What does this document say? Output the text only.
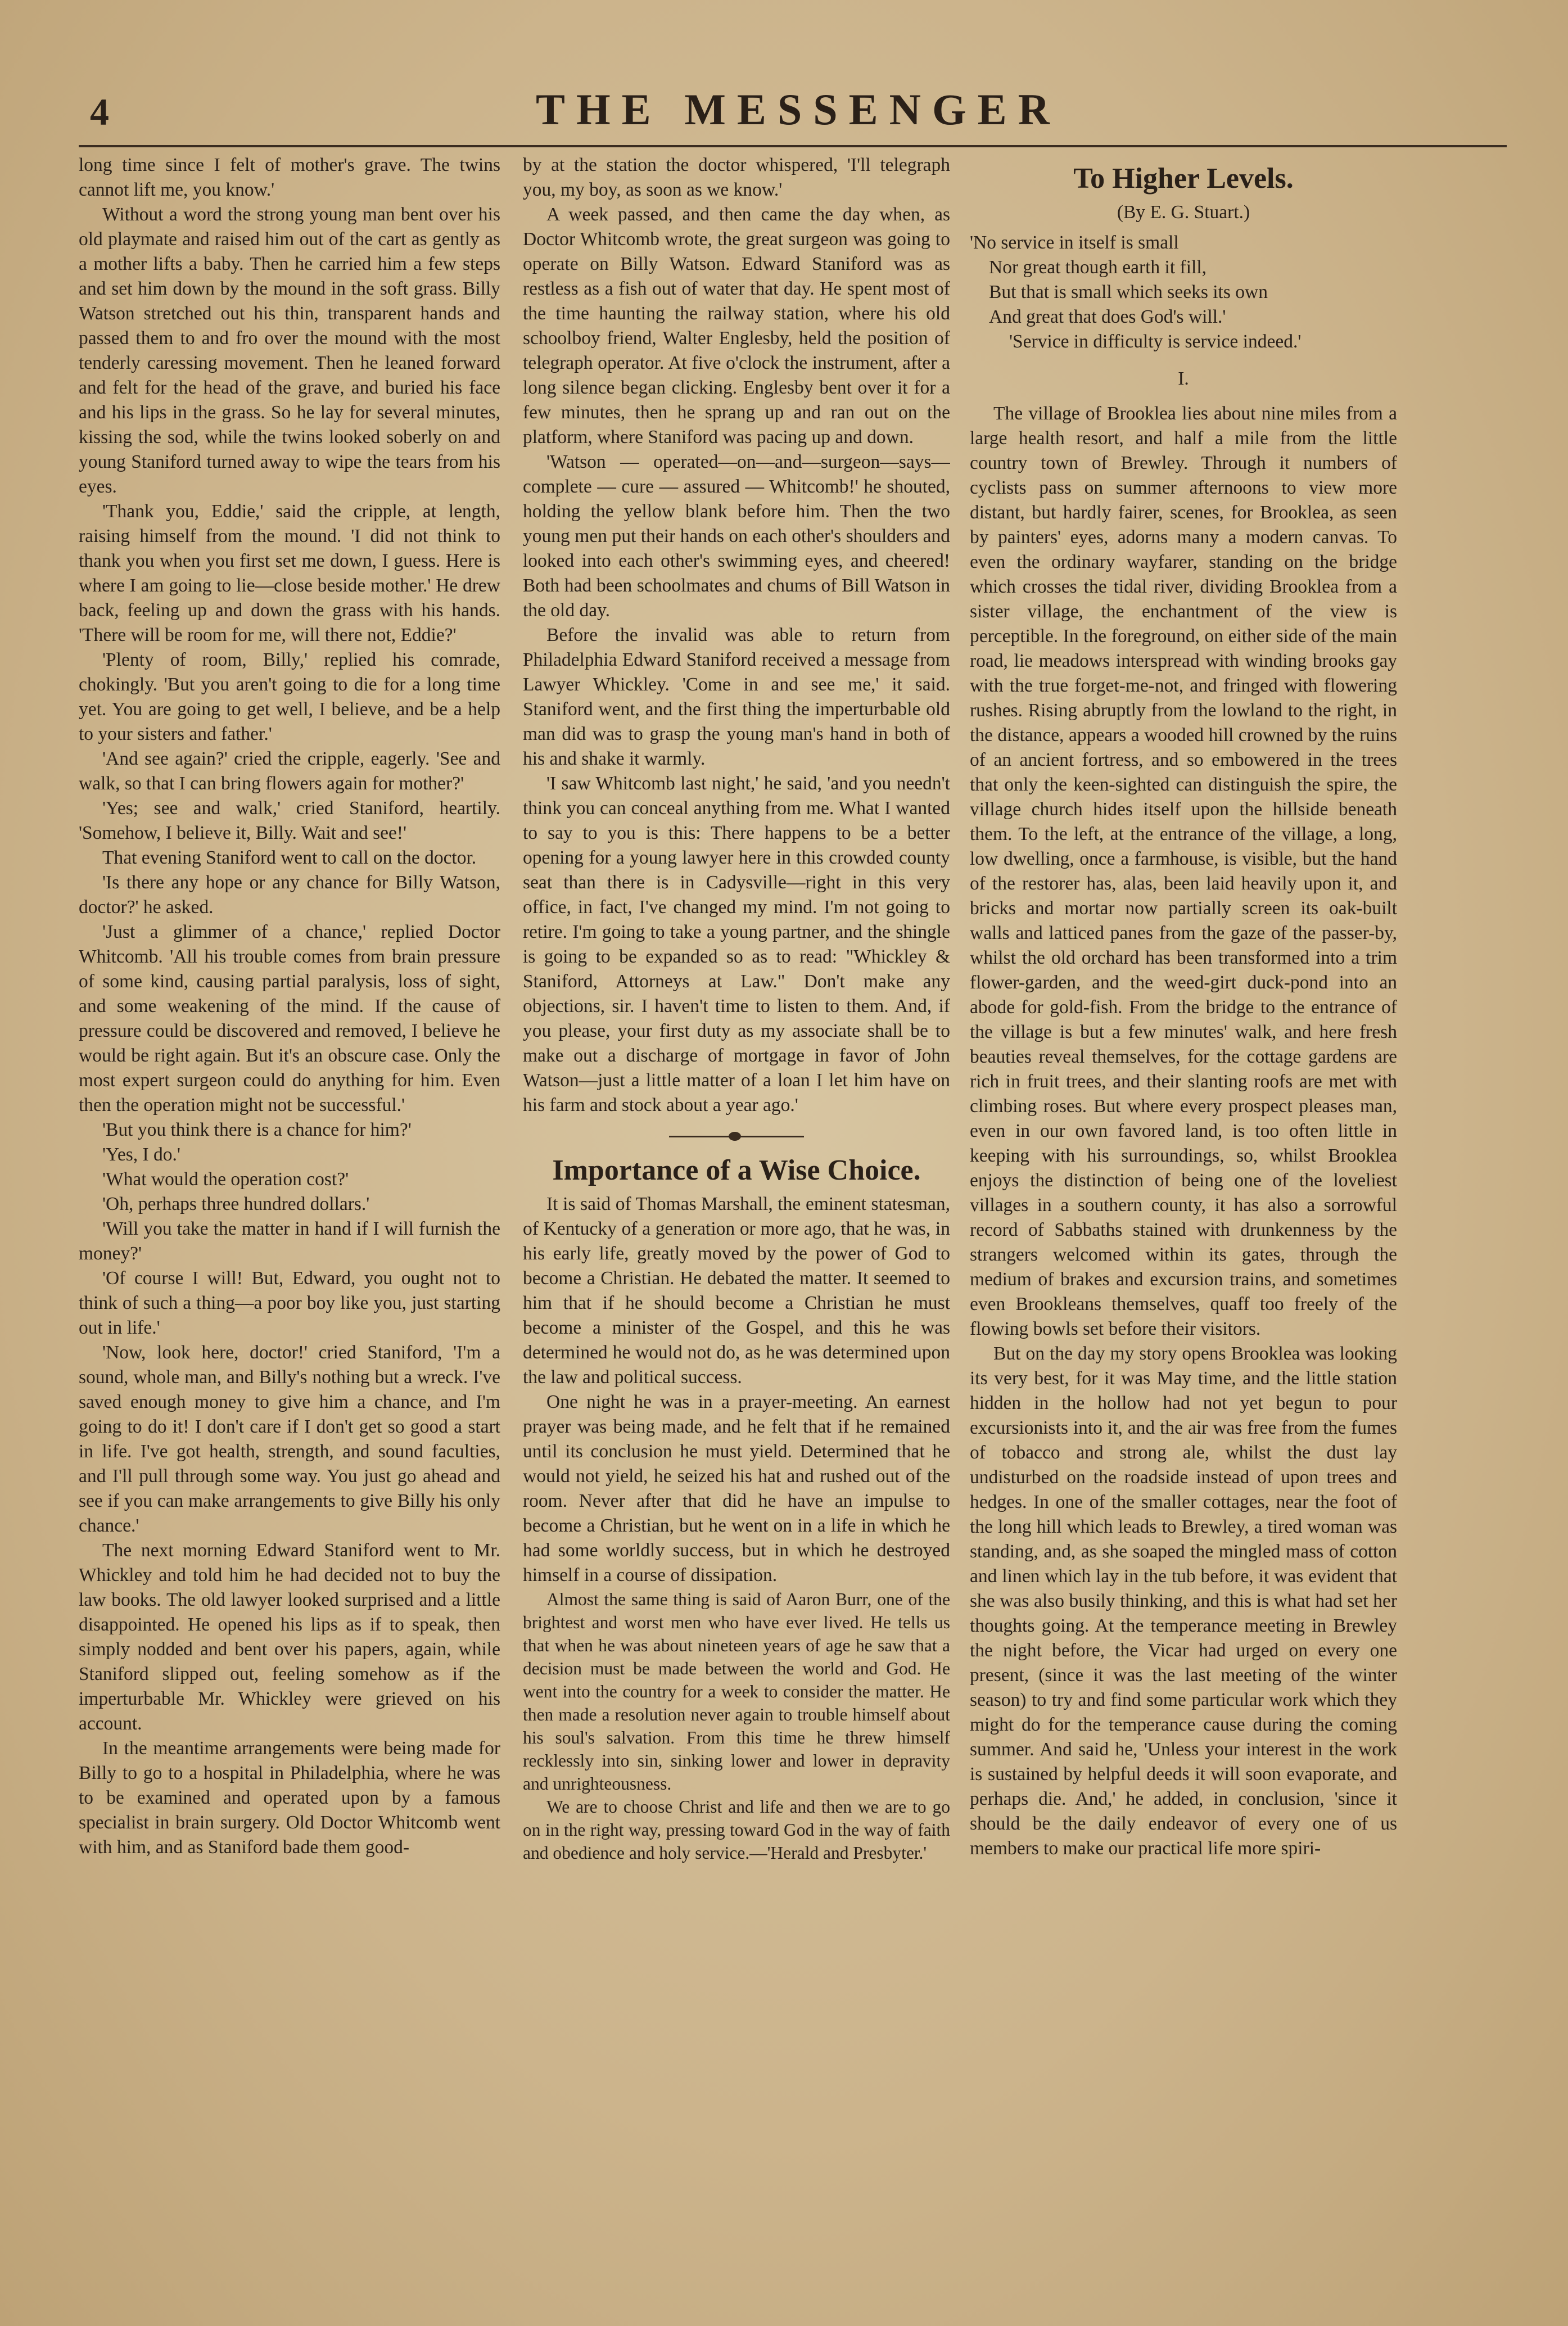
4	THE MESSENGER

long time since I felt of mother's grave. The twins cannot lift me, you know.'

Without a word the strong young man bent over his old playmate and raised him out of the cart as gently as a mother lifts a baby. Then he carried him a few steps and set him down by the mound in the soft grass. Billy Watson stretched out his thin, transparent hands and passed them to and fro over the mound with the most tenderly caressing movement. Then he leaned forward and felt for the head of the grave, and buried his face and his lips in the grass. So he lay for several minutes, kissing the sod, while the twins looked soberly on and young Staniford turned away to wipe the tears from his eyes.

'Thank you, Eddie,' said the cripple, at length, raising himself from the mound. 'I did not think to thank you when you first set me down, I guess. Here is where I am going to lie—close beside mother.' He drew back, feeling up and down the grass with his hands. 'There will be room for me, will there not, Eddie?'

'Plenty of room, Billy,' replied his comrade, chokingly. 'But you aren't going to die for a long time yet. You are going to get well, I believe, and be a help to your sisters and father.'

'And see again?' cried the cripple, eagerly. 'See and walk, so that I can bring flowers again for mother?'

'Yes; see and walk,' cried Staniford, heartily. 'Somehow, I believe it, Billy. Wait and see!'

That evening Staniford went to call on the doctor.

'Is there any hope or any chance for Billy Watson, doctor?' he asked.

'Just a glimmer of a chance,' replied Doctor Whitcomb. 'All his trouble comes from brain pressure of some kind, causing partial paralysis, loss of sight, and some weakening of the mind. If the cause of pressure could be discovered and removed, I believe he would be right again. But it's an obscure case. Only the most expert surgeon could do anything for him. Even then the operation might not be successful.'

'But you think there is a chance for him?'

'Yes, I do.'

'What would the operation cost?'

'Oh, perhaps three hundred dollars.'

'Will you take the matter in hand if I will furnish the money?'

'Of course I will! But, Edward, you ought not to think of such a thing—a poor boy like you, just starting out in life.'

'Now, look here, doctor!' cried Staniford, 'I'm a sound, whole man, and Billy's nothing but a wreck. I've saved enough money to give him a chance, and I'm going to do it! I don't care if I don't get so good a start in life. I've got health, strength, and sound faculties, and I'll pull through some way. You just go ahead and see if you can make arrangements to give Billy his only chance.'

The next morning Edward Staniford went to Mr. Whickley and told him he had decided not to buy the law books. The old lawyer looked surprised and a little disappointed. He opened his lips as if to speak, then simply nodded and bent over his papers, again, while Staniford slipped out, feeling somehow as if the imperturbable Mr. Whickley were grieved on his account.

In the meantime arrangements were being made for Billy to go to a hospital in Philadelphia, where he was to be examined and operated upon by a famous specialist in brain surgery. Old Doctor Whitcomb went with him, and as Staniford bade them good-

by at the station the doctor whispered, 'I'll telegraph you, my boy, as soon as we know.'

A week passed, and then came the day when, as Doctor Whitcomb wrote, the great surgeon was going to operate on Billy Watson. Edward Staniford was as restless as a fish out of water that day. He spent most of the time haunting the railway station, where his old schoolboy friend, Walter Englesby, held the position of telegraph operator. At five o'clock the instrument, after a long silence began clicking. Englesby bent over it for a few minutes, then he sprang up and ran out on the platform, where Staniford was pacing up and down.

'Watson — operated—on—and—surgeon—says—complete — cure — assured — Whitcomb!' he shouted, holding the yellow blank before him. Then the two young men put their hands on each other's shoulders and looked into each other's swimming eyes, and cheered! Both had been schoolmates and chums of Bill Watson in the old day.

Before the invalid was able to return from Philadelphia Edward Staniford received a message from Lawyer Whickley. 'Come in and see me,' it said. Staniford went, and the first thing the imperturbable old man did was to grasp the young man's hand in both of his and shake it warmly.

'I saw Whitcomb last night,' he said, 'and you needn't think you can conceal anything from me. What I wanted to say to you is this: There happens to be a better opening for a young lawyer here in this crowded county seat than there is in Cadysville—right in this very office, in fact, I've changed my mind. I'm not going to retire. I'm going to take a young partner, and the shingle is going to be expanded so as to read: "Whickley & Staniford, Attorneys at Law." Don't make any objections, sir. I haven't time to listen to them. And, if you please, your first duty as my associate shall be to make out a discharge of mortgage in favor of John Watson—just a little matter of a loan I let him have on his farm and stock about a year ago.'

Importance of a Wise Choice.

It is said of Thomas Marshall, the eminent statesman, of Kentucky of a generation or more ago, that he was, in his early life, greatly moved by the power of God to become a Christian. He debated the matter. It seemed to him that if he should become a Christian he must become a minister of the Gospel, and this he was determined he would not do, as he was determined upon the law and political success.

One night he was in a prayer-meeting. An earnest prayer was being made, and he felt that if he remained until its conclusion he must yield. Determined that he would not yield, he seized his hat and rushed out of the room. Never after that did he have an impulse to become a Christian, but he went on in a life in which he had some worldly success, but in which he destroyed himself in a course of dissipation.

Almost the same thing is said of Aaron Burr, one of the brightest and worst men who have ever lived. He tells us that when he was about nineteen years of age he saw that a decision must be made between the world and God. He went into the country for a week to consider the matter. He then made a resolution never again to trouble himself about his soul's salvation. From this time he threw himself recklessly into sin, sinking lower and lower in depravity and unrighteousness.

We are to choose Christ and life and then we are to go on in the right way, pressing toward God in the way of faith and obedience and holy service.—'Herald and Presbyter.'

To Higher Levels.
(By E. G. Stuart.)
'No service in itself is small
Nor great though earth it fill,
But that is small which seeks its own
And great that does God's will.'
'Service in difficulty is service indeed.'
I.

The village of Brooklea lies about nine miles from a large health resort, and half a mile from the little country town of Brewley. Through it numbers of cyclists pass on summer afternoons to view more distant, but hardly fairer, scenes, for Brooklea, as seen by painters' eyes, adorns many a modern canvas. To even the ordinary wayfarer, standing on the bridge which crosses the tidal river, dividing Brooklea from a sister village, the enchantment of the view is perceptible. In the foreground, on either side of the main road, lie meadows interspread with winding brooks gay with the true forget-me-not, and fringed with flowering rushes. Rising abruptly from the lowland to the right, in the distance, appears a wooded hill crowned by the ruins of an ancient fortress, and so embowered in the trees that only the keen-sighted can distinguish the spire, the village church hides itself upon the hillside beneath them. To the left, at the entrance of the village, a long, low dwelling, once a farmhouse, is visible, but the hand of the restorer has, alas, been laid heavily upon it, and bricks and mortar now partially screen its oak-built walls and latticed panes from the gaze of the passer-by, whilst the old orchard has been transformed into a trim flower-garden, and the weed-girt duck-pond into an abode for gold-fish. From the bridge to the entrance of the village is but a few minutes' walk, and here fresh beauties reveal themselves, for the cottage gardens are rich in fruit trees, and their slanting roofs are met with climbing roses. But where every prospect pleases man, even in our own favored land, is too often little in keeping with his surroundings, so, whilst Brooklea enjoys the distinction of being one of the loveliest villages in a southern county, it has also a sorrowful record of Sabbaths stained with drunkenness by the strangers welcomed within its gates, through the medium of brakes and excursion trains, and sometimes even Brookleans themselves, quaff too freely of the flowing bowls set before their visitors.

But on the day my story opens Brooklea was looking its very best, for it was May time, and the little station hidden in the hollow had not yet begun to pour excursionists into it, and the air was free from the fumes of tobacco and strong ale, whilst the dust lay undisturbed on the roadside instead of upon trees and hedges. In one of the smaller cottages, near the foot of the long hill which leads to Brewley, a tired woman was standing, and, as she soaped the mingled mass of cotton and linen which lay in the tub before, it was evident that she was also busily thinking, and this is what had set her thoughts going. At the temperance meeting in Brewley the night before, the Vicar had urged on every one present, (since it was the last meeting of the winter season) to try and find some particular work which they might do for the temperance cause during the coming summer. And said he, 'Unless your interest in the work is sustained by helpful deeds it will soon evaporate, and perhaps die. And,' he added, in conclusion, 'since it should be the daily endeavor of every one of us members to make our practical life more spiri-
